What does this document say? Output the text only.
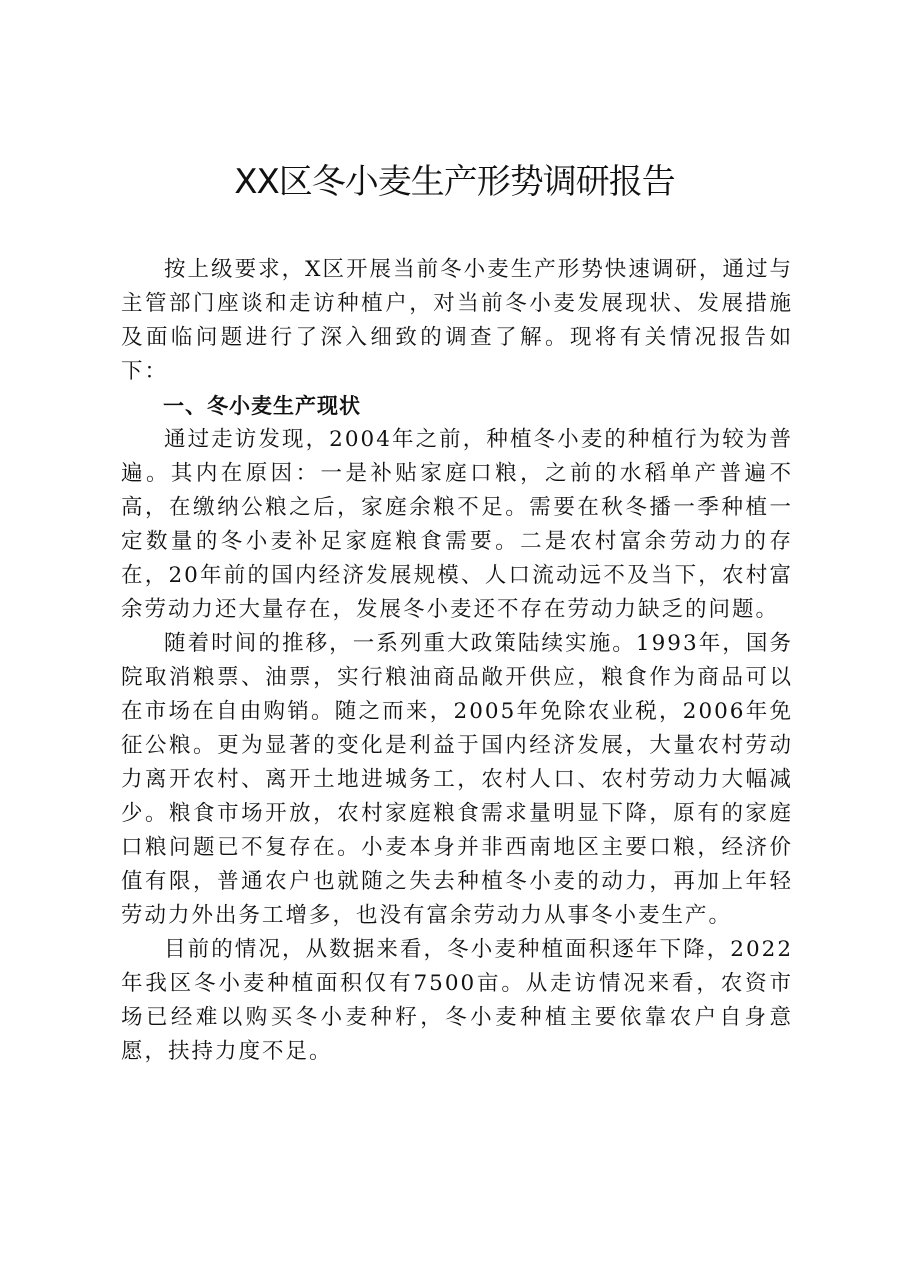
XX区冬小麦生产形势调研报告

按上级要求，X区开展当前冬小麦生产形势快速调研，通过与主管部门座谈和走访种植户，对当前冬小麦发展现状、发展措施及面临问题进行了深入细致的调查了解。现将有关情况报告如下：

一、冬小麦生产现状

通过走访发现，2004年之前，种植冬小麦的种植行为较为普遍。其内在原因：一是补贴家庭口粮，之前的水稻单产普遍不高，在缴纳公粮之后，家庭余粮不足。需要在秋冬播一季种植一定数量的冬小麦补足家庭粮食需要。二是农村富余劳动力的存在，20年前的国内经济发展规模、人口流动远不及当下，农村富余劳动力还大量存在，发展冬小麦还不存在劳动力缺乏的问题。

随着时间的推移，一系列重大政策陆续实施。1993年，国务院取消粮票、油票，实行粮油商品敞开供应，粮食作为商品可以在市场在自由购销。随之而来，2005年免除农业税，2006年免征公粮。更为显著的变化是利益于国内经济发展，大量农村劳动力离开农村、离开土地进城务工，农村人口、农村劳动力大幅减少。粮食市场开放，农村家庭粮食需求量明显下降，原有的家庭口粮问题已不复存在。小麦本身并非西南地区主要口粮，经济价值有限，普通农户也就随之失去种植冬小麦的动力，再加上年轻劳动力外出务工增多，也没有富余劳动力从事冬小麦生产。

目前的情况，从数据来看，冬小麦种植面积逐年下降，2022年我区冬小麦种植面积仅有7500亩。从走访情况来看，农资市场已经难以购买冬小麦种籽，冬小麦种植主要依靠农户自身意愿，扶持力度不足。
